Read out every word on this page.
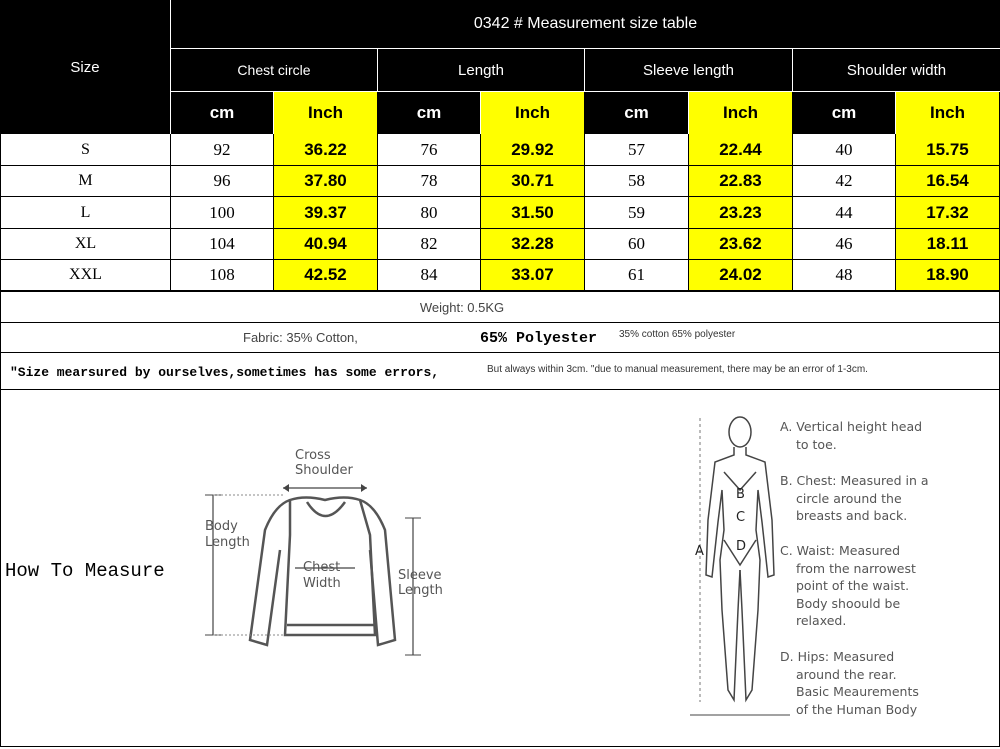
Size
0342 # Measurement size table
Chest circle	Length	Sleeve length	Shoulder width
cm	Inch	cm	Inch	cm	Inch	cm	Inch
S	92	36.22	76	29.92	57	22.44	40	15.75
M	96	37.80	78	30.71	58	22.83	42	16.54
L	100	39.37	80	31.50	59	23.23	44	17.32
XL	104	40.94	82	32.28	60	23.62	46	18.11
XXL	108	42.52	84	33.07	61	24.02	48	18.90
Weight: 0.5KG
Fabric: 35% Cotton,	65% Polyester 35% cotton 65% polyester
"Size mearsured by ourselves,sometimes has some errors,	But always within 3cm. "due to manual measurement, there may be an error of 1-3cm.
How To Measure
Cross
Shoulder
Body
Length
Chest
Width
Sleeve
Length
A
B
C
D
A. Vertical height head
to toe.
B. Chest: Measured in a
circle around the
breasts and back.
C. Waist: Measured
from the narrowest
point of the waist.
Body shoould be
relaxed.
D. Hips: Measured
around the rear.
Basic Meaurements
of the Human Body
